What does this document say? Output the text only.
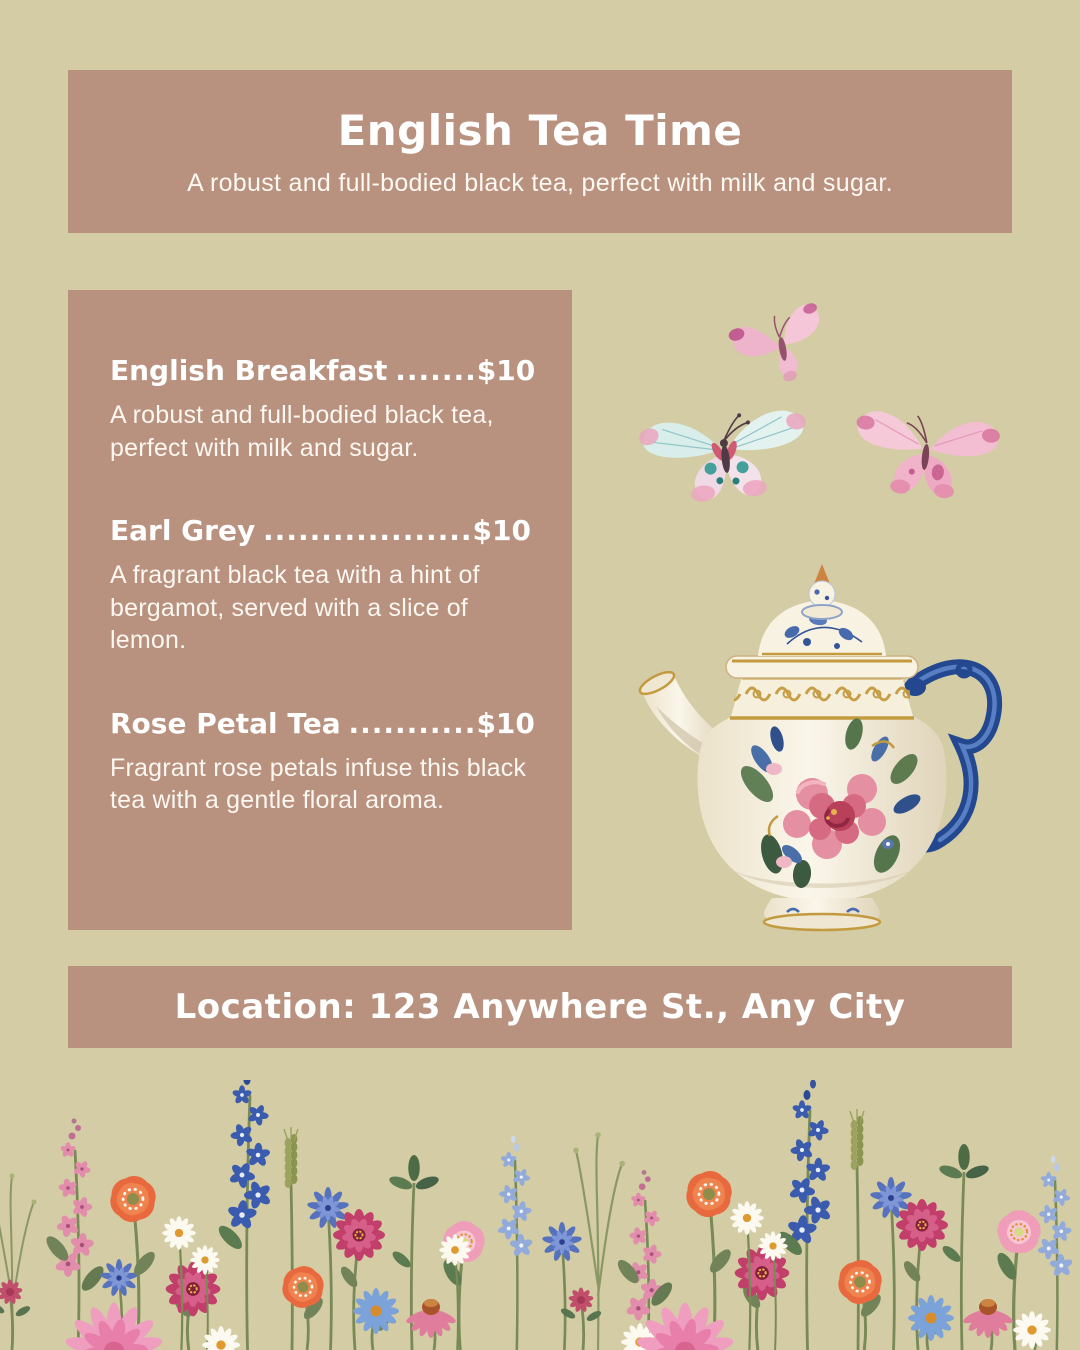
English Tea Time

A robust and full-bodied black tea, perfect with milk and sugar.

English Breakfast .......$10

A robust and full-bodied black tea, perfect with milk and sugar.

Earl Grey ..................$10

A fragrant black tea with a hint of bergamot, served with a slice of lemon.

Rose Petal Tea ...........$10

Fragrant rose petals infuse this black tea with a gentle floral aroma.

Location: 123 Anywhere St., Any City
